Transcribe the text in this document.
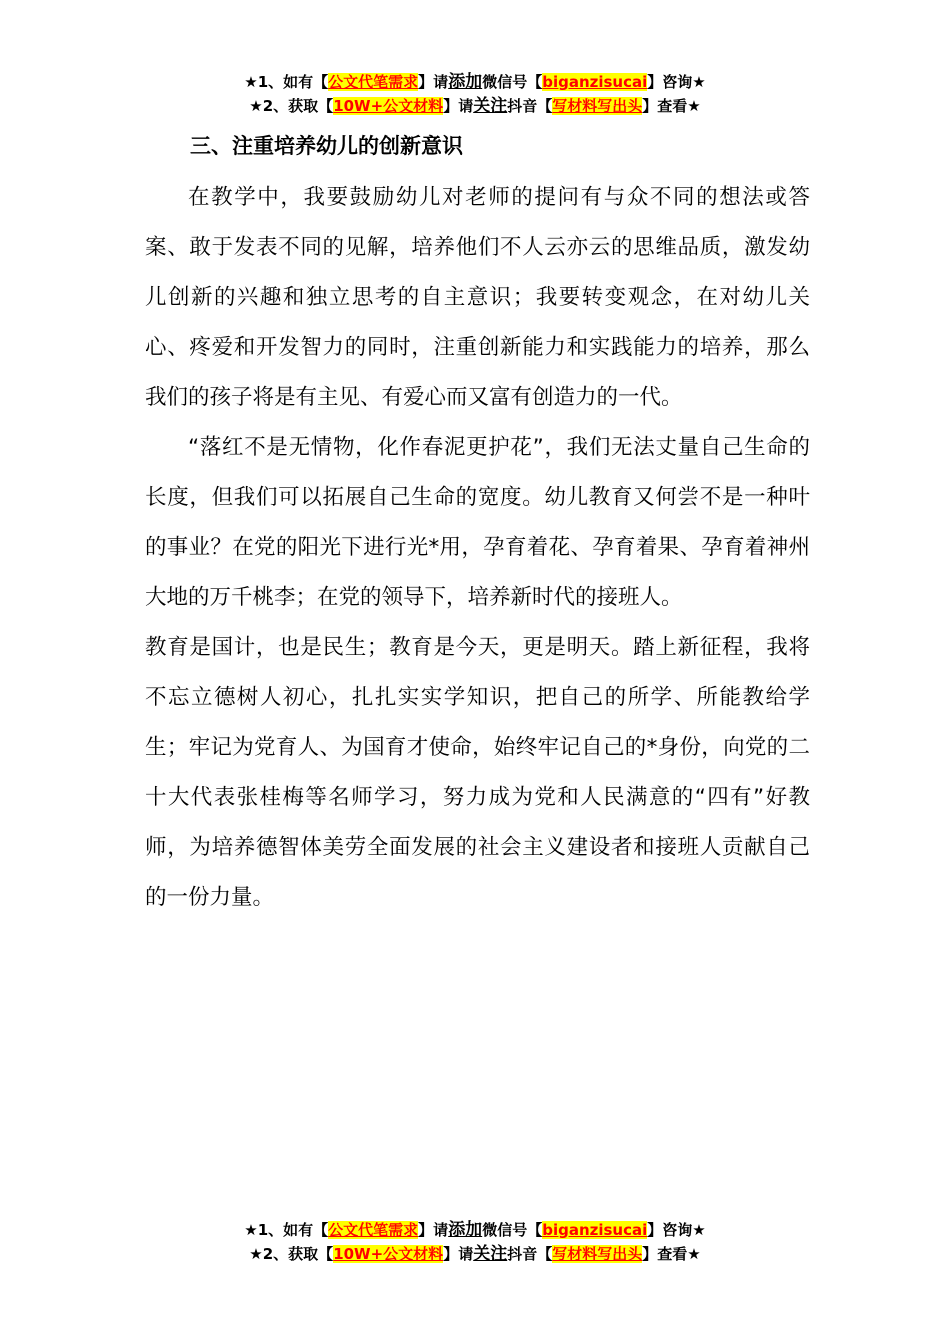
★1、如有【公文代笔需求】请添加微信号【biganzisucai】咨询★
★2、获取【10W+公文材料】请关注抖音【写材料写出头】查看★
三、注重培养幼儿的创新意识

在教学中，我要鼓励幼儿对老师的提问有与众不同的想法或答案、敢于发表不同的见解，培养他们不人云亦云的思维品质，激发幼儿创新的兴趣和独立思考的自主意识；我要转变观念，在对幼儿关心、疼爱和开发智力的同时，注重创新能力和实践能力的培养，那么我们的孩子将是有主见、有爱心而又富有创造力的一代。

“落红不是无情物，化作春泥更护花”，我们无法丈量自己生命的长度，但我们可以拓展自己生命的宽度。幼儿教育又何尝不是一种叶的事业？在党的阳光下进行光*用，孕育着花、孕育着果、孕育着神州大地的万千桃李；在党的领导下，培养新时代的接班人。

教育是国计，也是民生；教育是今天，更是明天。踏上新征程，我将不忘立德树人初心，扎扎实实学知识，把自己的所学、所能教给学生；牢记为党育人、为国育才使命，始终牢记自己的*身份，向党的二十大代表张桂梅等名师学习，努力成为党和人民满意的“四有”好教师，为培养德智体美劳全面发展的社会主义建设者和接班人贡献自己的一份力量。

★1、如有【公文代笔需求】请添加微信号【biganzisucai】咨询★
★2、获取【10W+公文材料】请关注抖音【写材料写出头】查看★
